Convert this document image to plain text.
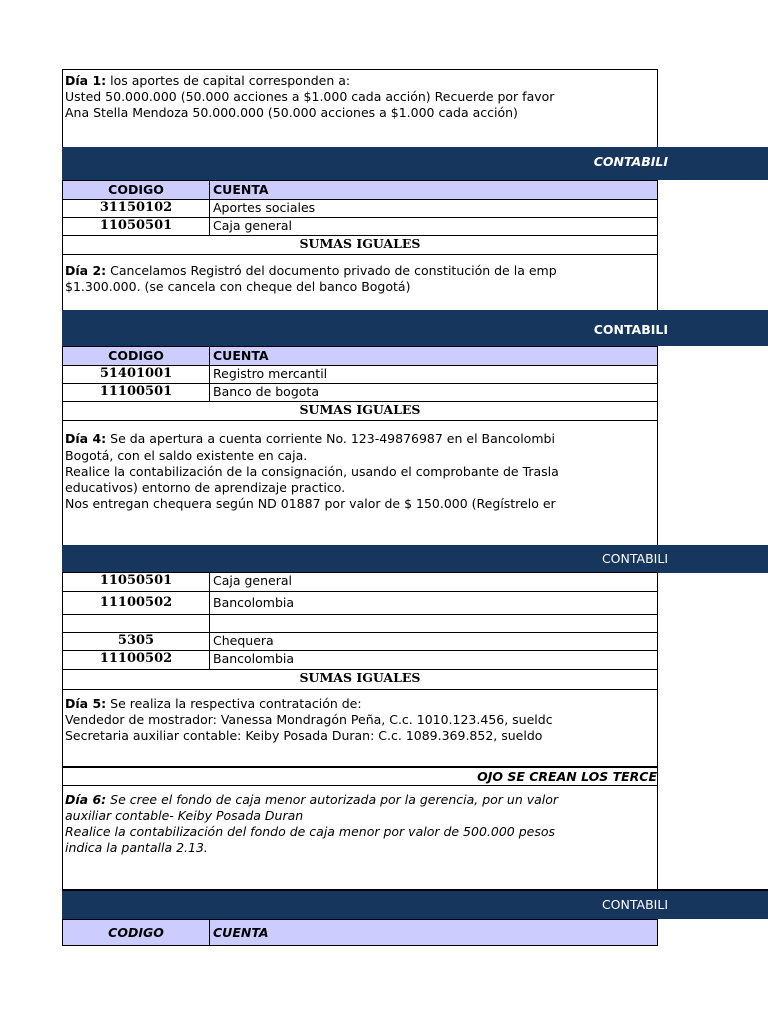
Día 1: los aportes de capital corresponden a:
Usted 50.000.000 (50.000 acciones a $1.000 cada acción) Recuerde por favor
Ana Stella Mendoza 50.000.000 (50.000 acciones a $1.000 cada acción)
CONTABILI
CODIGO	CUENTA
31150102	Aportes sociales
11050501	Caja general
SUMAS IGUALES
Día 2: Cancelamos Registró del documento privado de constitución de la emp
$1.300.000. (se cancela con cheque del banco Bogotá)
CONTABILI
CODIGO	CUENTA
51401001	Registro mercantil
11100501	Banco de bogota
SUMAS IGUALES
Día 4: Se da apertura a cuenta corriente No. 123-49876987 en el Bancolombi
Bogotá, con el saldo existente en caja.
Realice la contabilización de la consignación, usando el comprobante de Trasla
educativos) entorno de aprendizaje practico.
Nos entregan chequera según ND 01887 por valor de $ 150.000 (Regístrelo er
CONTABILI
11050501	Caja general
11100502	Bancolombia
5305	Chequera
11100502	Bancolombia
SUMAS IGUALES
Día 5: Se realiza la respectiva contratación de:
Vendedor de mostrador: Vanessa Mondragón Peña, C.c. 1010.123.456, sueldc
Secretaria auxiliar contable: Keiby Posada Duran: C.c. 1089.369.852, sueldo
OJO SE CREAN LOS TERCE
Día 6: Se cree el fondo de caja menor autorizada por la gerencia, por un valor
auxiliar contable- Keiby Posada Duran
Realice la contabilización del fondo de caja menor por valor de 500.000 pesos
indica la pantalla 2.13.
CONTABILI
CODIGO	CUENTA
